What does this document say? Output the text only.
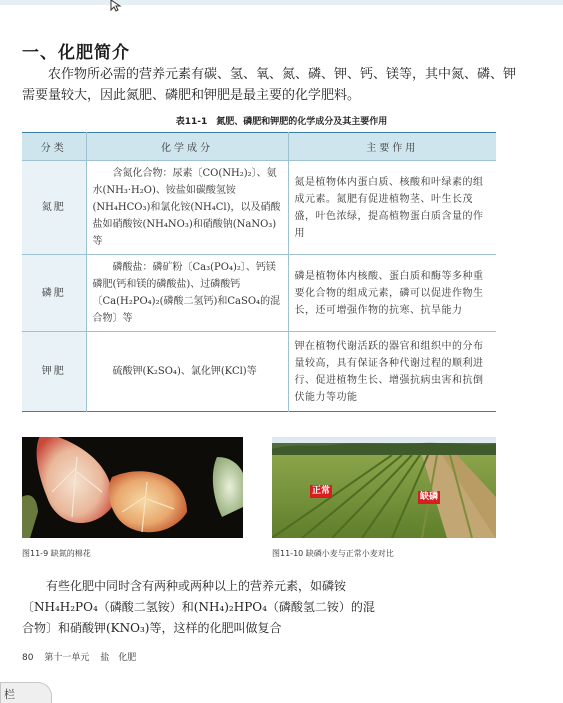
一、化肥简介

农作物所必需的营养元素有碳、氢、氧、氮、磷、钾、钙、镁等，其中氮、磷、钾需要量较大，因此氮肥、磷肥和钾肥是最主要的化学肥料。

表11-1　氮肥、磷肥和钾肥的化学成分及其主要作用
分类	化学成分	主要作用
氮肥	含氮化合物：尿素〔CO(NH₂)₂〕、氨水(NH₃·H₂O)、铵盐如碳酸氢铵(NH₄HCO₃)和氯化铵(NH₄Cl)，以及硝酸盐如硝酸铵(NH₄NO₃)和硝酸钠(NaNO₃)等	氮是植物体内蛋白质、核酸和叶绿素的组成元素。氮肥有促进植物茎、叶生长茂盛，叶色浓绿，提高植物蛋白质含量的作用
磷肥	磷酸盐：磷矿粉〔Ca₃(PO₄)₂〕、钙镁磷肥(钙和镁的磷酸盐)、过磷酸钙〔Ca(H₂PO₄)₂(磷酸二氢钙)和CaSO₄的混合物〕等	磷是植物体内核酸、蛋白质和酶等多种重要化合物的组成元素，磷可以促进作物生长，还可增强作物的抗寒、抗旱能力
钾肥	硫酸钾(K₂SO₄)、氯化钾(KCl)等	钾在植物代谢活跃的器官和组织中的分布量较高，具有保证各种代谢过程的顺利进行、促进植物生长、增强抗病虫害和抗倒伏能力等功能
正常
缺磷
图11-9 缺氮的棉花	图11-10 缺磷小麦与正常小麦对比

有些化肥中同时含有两种或两种以上的营养元素，如磷铵〔NH₄H₂PO₄（磷酸二氢铵）和(NH₄)₂HPO₄（磷酸氢二铵）的混合物〕和硝酸钾(KNO₃)等，这样的化肥叫做复合

80 第十一单元 盐　化肥
栏
